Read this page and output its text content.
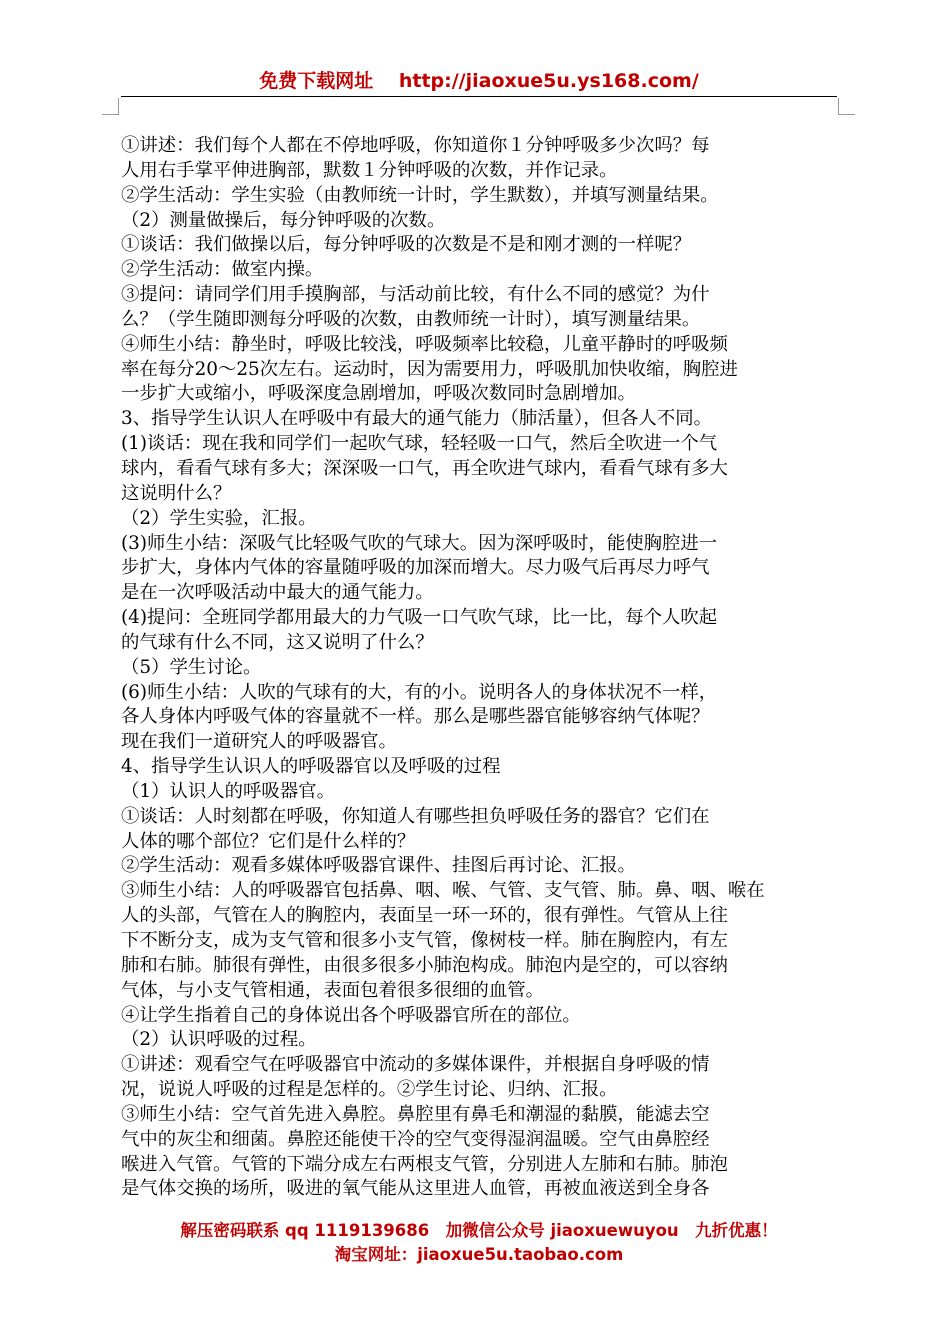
免费下载网址　 http://jiaoxue5u.ys168.com/
①讲述：我们每个人都在不停地呼吸，你知道你１分钟呼吸多少次吗？每
人用右手掌平伸进胸部，默数１分钟呼吸的次数，并作记录。
②学生活动：学生实验（由教师统一计时，学生默数），并填写测量结果。
（2）测量做操后，每分钟呼吸的次数。
①谈话：我们做操以后，每分钟呼吸的次数是不是和刚才测的一样呢？
②学生活动：做室内操。
③提问：请同学们用手摸胸部，与活动前比较，有什么不同的感觉？为什
么？（学生随即测每分呼吸的次数，由教师统一计时），填写测量结果。
④师生小结：静坐时，呼吸比较浅，呼吸频率比较稳，儿童平静时的呼吸频
率在每分20～25次左右。运动时，因为需要用力，呼吸肌加快收缩，胸腔进
一步扩大或缩小，呼吸深度急剧增加，呼吸次数同时急剧增加。
3、指导学生认识人在呼吸中有最大的通气能力（肺活量），但各人不同。
(1)谈话：现在我和同学们一起吹气球，轻轻吸一口气，然后全吹进一个气
球内，看看气球有多大；深深吸一口气，再全吹进气球内，看看气球有多大
这说明什么？
（2）学生实验，汇报。
(3)师生小结：深吸气比轻吸气吹的气球大。因为深呼吸时，能使胸腔进一
步扩大，身体内气体的容量随呼吸的加深而增大。尽力吸气后再尽力呼气
是在一次呼吸活动中最大的通气能力。
(4)提问：全班同学都用最大的力气吸一口气吹气球，比一比，每个人吹起
的气球有什么不同，这又说明了什么？
（5）学生讨论。
(6)师生小结：人吹的气球有的大，有的小。说明各人的身体状况不一样，
各人身体内呼吸气体的容量就不一样。那么是哪些器官能够容纳气体呢？
现在我们一道研究人的呼吸器官。
4、指导学生认识人的呼吸器官以及呼吸的过程
（1）认识人的呼吸器官。
①谈话：人时刻都在呼吸，你知道人有哪些担负呼吸任务的器官？它们在
人体的哪个部位？它们是什么样的？
②学生活动：观看多媒体呼吸器官课件、挂图后再讨论、汇报。
③师生小结：人的呼吸器官包括鼻、咽、喉、气管、支气管、肺。鼻、咽、喉在
人的头部，气管在人的胸腔内，表面呈一环一环的，很有弹性。气管从上往
下不断分支，成为支气管和很多小支气管，像树枝一样。肺在胸腔内，有左
肺和右肺。肺很有弹性，由很多很多小肺泡构成。肺泡内是空的，可以容纳
气体，与小支气管相通，表面包着很多很细的血管。
④让学生指着自己的身体说出各个呼吸器官所在的部位。
（2）认识呼吸的过程。
①讲述：观看空气在呼吸器官中流动的多媒体课件，并根据自身呼吸的情
况，说说人呼吸的过程是怎样的。②学生讨论、归纳、汇报。
③师生小结：空气首先进入鼻腔。鼻腔里有鼻毛和潮湿的黏膜，能滤去空
气中的灰尘和细菌。鼻腔还能使干冷的空气变得湿润温暖。空气由鼻腔经
喉进入气管。气管的下端分成左右两根支气管，分别进人左肺和右肺。肺泡
是气体交换的场所，吸进的氧气能从这里进人血管，再被血液送到全身各
解压密码联系 qq 1119139686　加微信公众号 jiaoxuewuyou　九折优惠！
淘宝网址：jiaoxue5u.taobao.com
